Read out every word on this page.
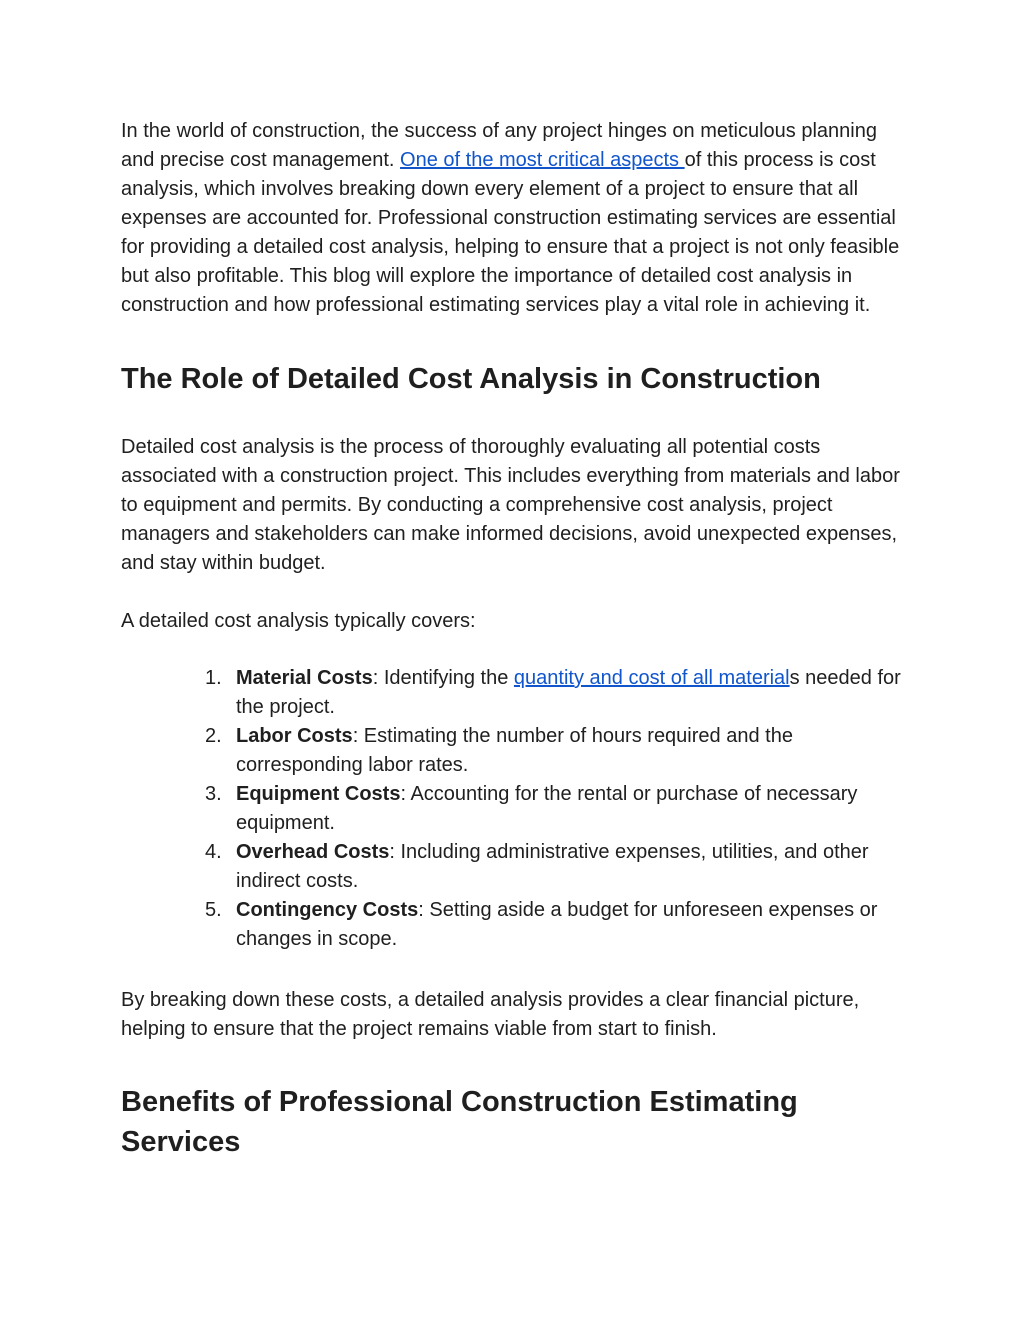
In the world of construction, the success of any project hinges on meticulous planning and precise cost management. One of the most critical aspects of this process is cost analysis, which involves breaking down every element of a project to ensure that all expenses are accounted for. Professional construction estimating services are essential for providing a detailed cost analysis, helping to ensure that a project is not only feasible but also profitable. This blog will explore the importance of detailed cost analysis in construction and how professional estimating services play a vital role in achieving it.

The Role of Detailed Cost Analysis in Construction

Detailed cost analysis is the process of thoroughly evaluating all potential costs associated with a construction project. This includes everything from materials and labor to equipment and permits. By conducting a comprehensive cost analysis, project managers and stakeholders can make informed decisions, avoid unexpected expenses, and stay within budget.

A detailed cost analysis typically covers:

1. Material Costs: Identifying the quantity and cost of all materials needed for the project.
2. Labor Costs: Estimating the number of hours required and the corresponding labor rates.
3. Equipment Costs: Accounting for the rental or purchase of necessary equipment.
4. Overhead Costs: Including administrative expenses, utilities, and other indirect costs.
5. Contingency Costs: Setting aside a budget for unforeseen expenses or changes in scope.

By breaking down these costs, a detailed analysis provides a clear financial picture, helping to ensure that the project remains viable from start to finish.

Benefits of Professional Construction Estimating Services
